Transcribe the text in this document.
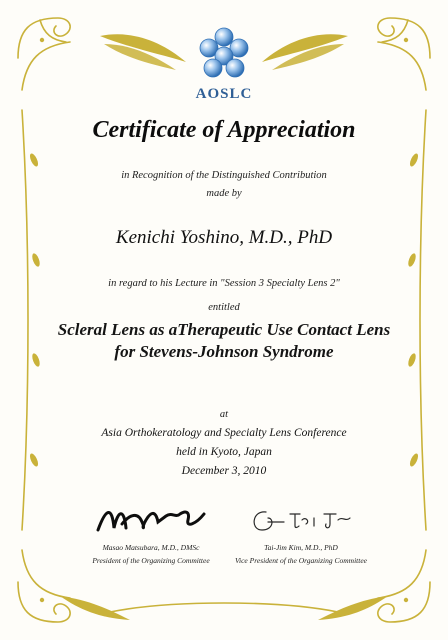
AOSLC
Certificate of Appreciation
in Recognition of the Distinguished Contribution
made by
Kenichi Yoshino, M.D., PhD
in regard to his Lecture in "Session 3 Specialty Lens 2"
entitled
Scleral Lens as aTherapeutic Use Contact Lens
for Stevens-Johnson Syndrome
at
Asia Orthokeratology and Specialty Lens Conference
held in Kyoto, Japan
December 3, 2010
Masao Matsubara, M.D., DMSc
President of the Organizing Committee
Tai-Jim Kim, M.D., PhD
Vice President of the Organizing Committee
